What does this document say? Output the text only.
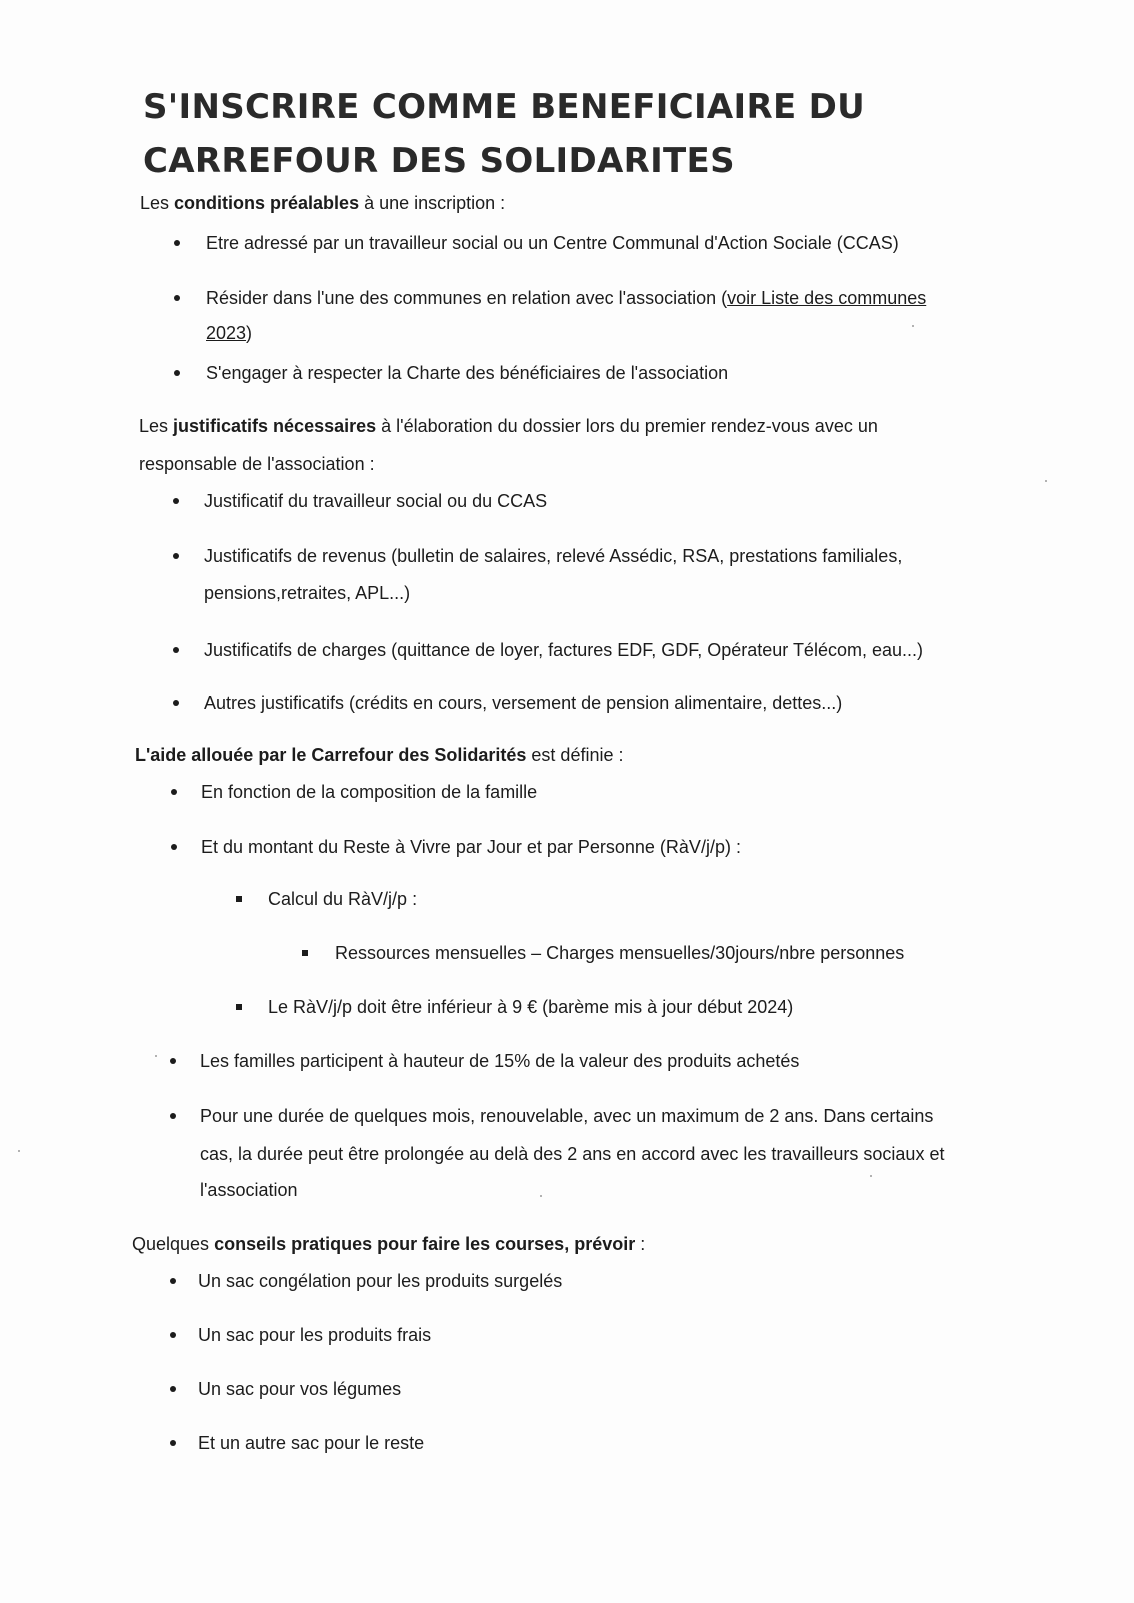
S'INSCRIRE COMME BENEFICIAIRE DU
CARREFOUR DES SOLIDARITES
Les conditions préalables à une inscription :
Etre adressé par un travailleur social ou un Centre Communal d'Action Sociale (CCAS)
Résider dans l'une des communes en relation avec l'association (voir Liste des communes
2023)
S'engager à respecter la Charte des bénéficiaires de l'association
Les justificatifs nécessaires à l'élaboration du dossier lors du premier rendez-vous avec un
responsable de l'association :
Justificatif du travailleur social ou du CCAS
Justificatifs de revenus (bulletin de salaires, relevé Assédic, RSA, prestations familiales,
pensions,retraites, APL...)
Justificatifs de charges (quittance de loyer, factures EDF, GDF, Opérateur Télécom, eau...)
Autres justificatifs (crédits en cours, versement de pension alimentaire, dettes...)
L'aide allouée par le Carrefour des Solidarités est définie :
En fonction de la composition de la famille
Et du montant du Reste à Vivre par Jour et par Personne (RàV/j/p) :
Calcul du RàV/j/p :
Ressources mensuelles – Charges mensuelles/30jours/nbre personnes
Le RàV/j/p doit être inférieur à 9 € (barème mis à jour début 2024)
Les familles participent à hauteur de 15% de la valeur des produits achetés
Pour une durée de quelques mois, renouvelable, avec un maximum de 2 ans. Dans certains
cas, la durée peut être prolongée au delà des 2 ans en accord avec les travailleurs sociaux et
l'association
Quelques conseils pratiques pour faire les courses, prévoir :
Un sac congélation pour les produits surgelés
Un sac pour les produits frais
Un sac pour vos légumes
Et un autre sac pour le reste
